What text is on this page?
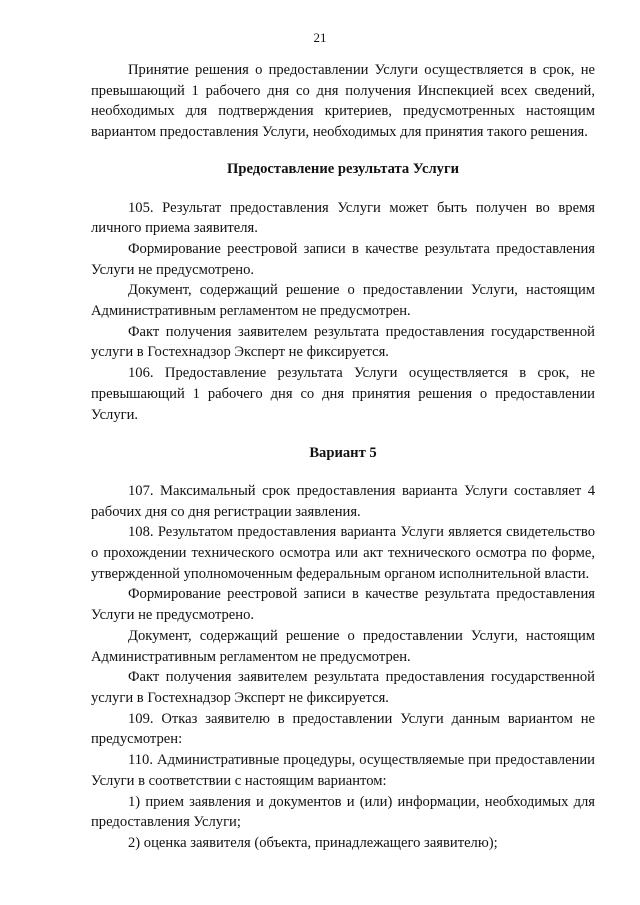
21

Принятие решения о предоставлении Услуги осуществляется в срок, не превышающий 1 рабочего дня со дня получения Инспекцией всех сведений, необходимых для подтверждения критериев, предусмотренных настоящим вариантом предоставления Услуги, необходимых для принятия такого решения.

Предоставление результата Услуги

105. Результат предоставления Услуги может быть получен во время личного приема заявителя.

Формирование реестровой записи в качестве результата предоставления Услуги не предусмотрено.

Документ, содержащий решение о предоставлении Услуги, настоящим Административным регламентом не предусмотрен.

Факт получения заявителем результата предоставления государственной услуги в Гостехнадзор Эксперт не фиксируется.

106. Предоставление результата Услуги осуществляется в срок, не превышающий 1 рабочего дня со дня принятия решения о предоставлении Услуги.

Вариант 5

107. Максимальный срок предоставления варианта Услуги составляет 4 рабочих дня со дня регистрации заявления.

108. Результатом предоставления варианта Услуги является свидетельство о прохождении технического осмотра или акт технического осмотра по форме, утвержденной уполномоченным федеральным органом исполнительной власти.

Формирование реестровой записи в качестве результата предоставления Услуги не предусмотрено.

Документ, содержащий решение о предоставлении Услуги, настоящим Административным регламентом не предусмотрен.

Факт получения заявителем результата предоставления государственной услуги в Гостехнадзор Эксперт не фиксируется.

109. Отказ заявителю в предоставлении Услуги данным вариантом не предусмотрен:

110. Административные процедуры, осуществляемые при предоставлении Услуги в соответствии с настоящим вариантом:

1) прием заявления и документов и (или) информации, необходимых для предоставления Услуги;

2) оценка заявителя (объекта, принадлежащего заявителю);
